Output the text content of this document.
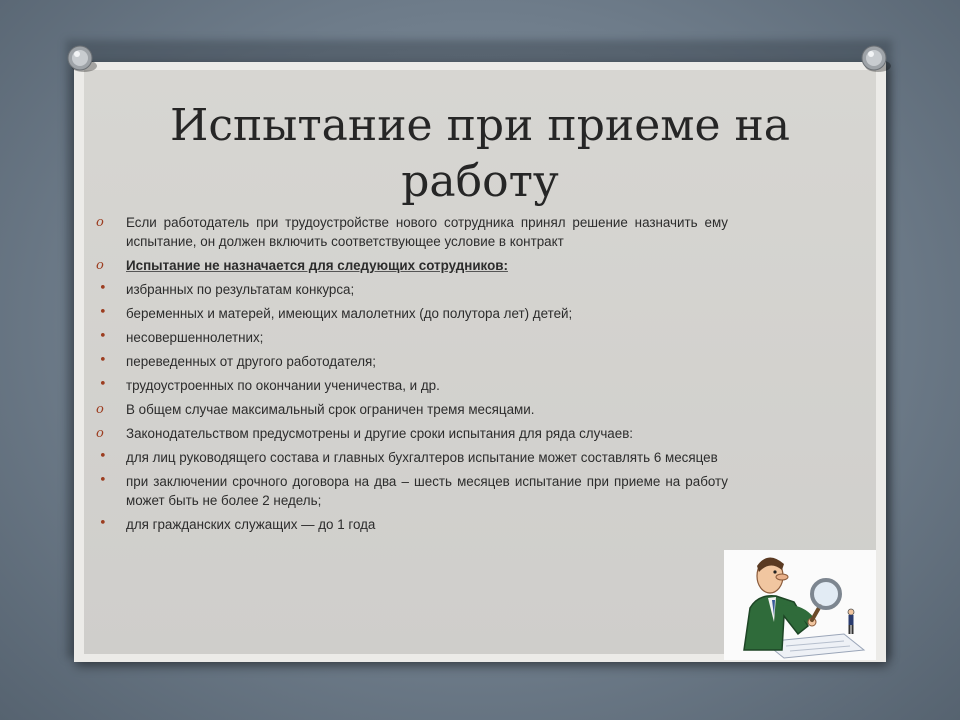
Испытание при приеме на
работу
o	Если работодатель при трудоустройстве нового сотрудника принял решение назначить ему испытание, он должен включить соответствующее условие в контракт
o	Испытание не назначается для следующих сотрудников:
•	избранных по результатам конкурса;
•	беременных и матерей, имеющих малолетних (до полутора лет) детей;
•	несовершеннолетних;
•	переведенных от другого работодателя;
•	трудоустроенных по окончании ученичества, и др.
o	В общем случае максимальный срок ограничен тремя месяцами.
o	Законодательством предусмотрены и другие сроки испытания для ряда случаев:
•	для лиц руководящего состава и главных бухгалтеров испытание может составлять 6 месяцев
•	при заключении срочного договора на два – шесть месяцев испытание при приеме на работу может быть не более 2 недель;
•	для гражданских служащих — до 1 года
